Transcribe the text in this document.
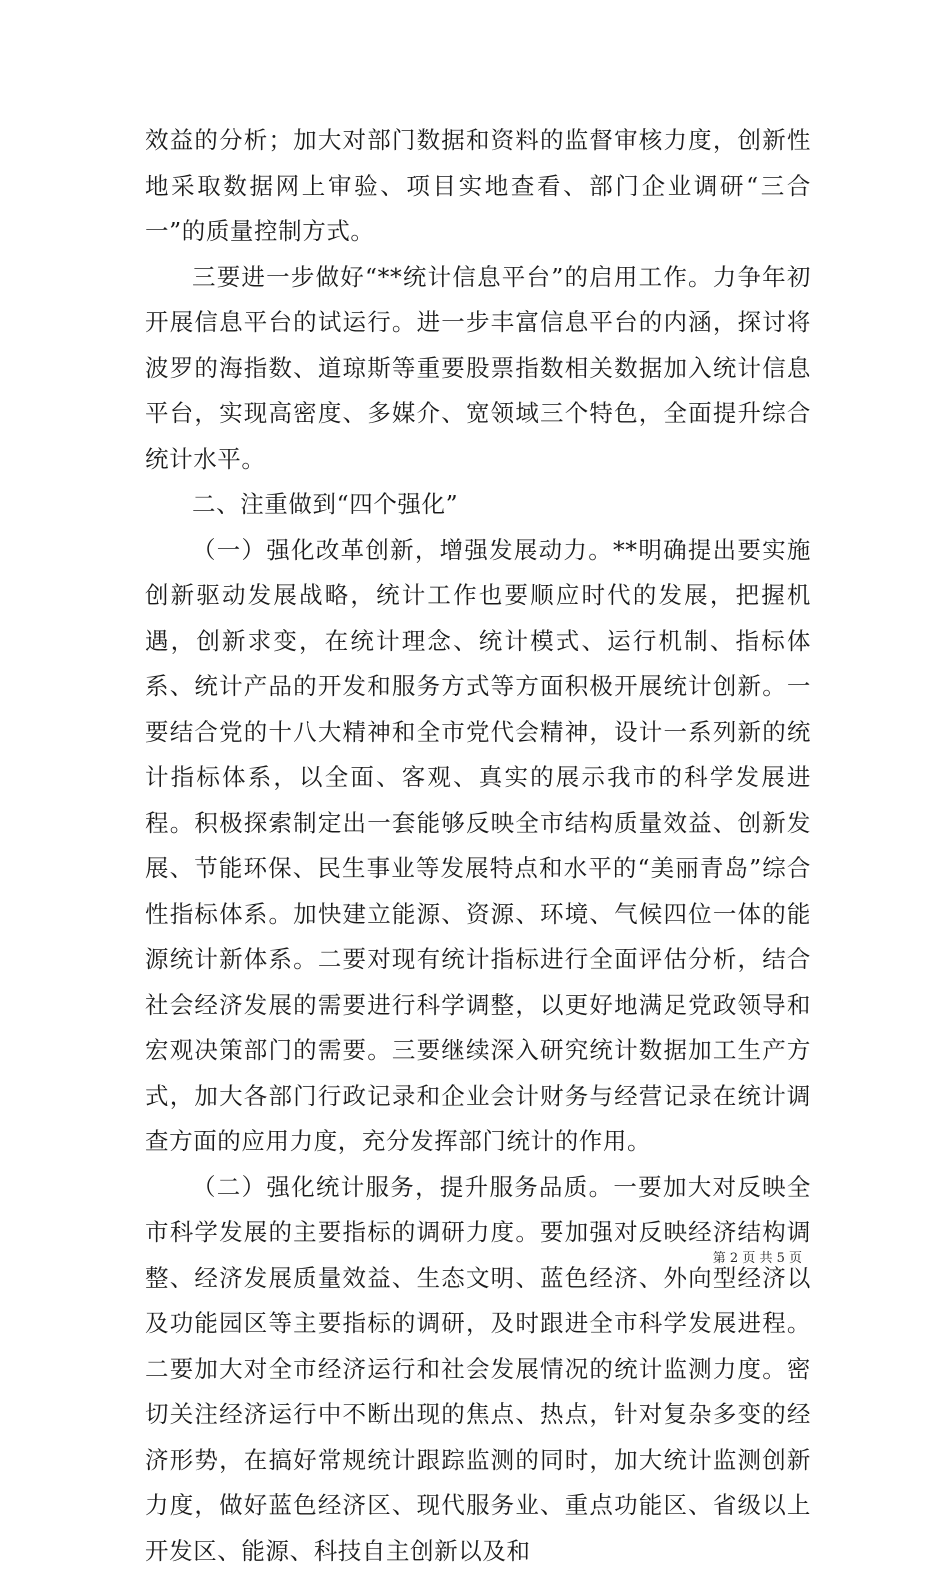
效益的分析；加大对部门数据和资料的监督审核力度，创新性地采取数据网上审验、项目实地查看、部门企业调研“三合一”的质量控制方式。

三要进一步做好“**统计信息平台”的启用工作。力争年初开展信息平台的试运行。进一步丰富信息平台的内涵，探讨将波罗的海指数、道琼斯等重要股票指数相关数据加入统计信息平台，实现高密度、多媒介、宽领域三个特色，全面提升综合统计水平。

二、注重做到“四个强化”

（一）强化改革创新，增强发展动力。**明确提出要实施创新驱动发展战略，统计工作也要顺应时代的发展，把握机遇，创新求变，在统计理念、统计模式、运行机制、指标体系、统计产品的开发和服务方式等方面积极开展统计创新。一要结合党的十八大精神和全市党代会精神，设计一系列新的统计指标体系，以全面、客观、真实的展示我市的科学发展进程。积极探索制定出一套能够反映全市结构质量效益、创新发展、节能环保、民生事业等发展特点和水平的“美丽青岛”综合性指标体系。加快建立能源、资源、环境、气候四位一体的能源统计新体系。二要对现有统计指标进行全面评估分析，结合社会经济发展的需要进行科学调整，以更好地满足党政领导和宏观决策部门的需要。三要继续深入研究统计数据加工生产方式，加大各部门行政记录和企业会计财务与经营记录在统计调查方面的应用力度，充分发挥部门统计的作用。

（二）强化统计服务，提升服务品质。一要加大对反映全市科学发展的主要指标的调研力度。要加强对反映经济结构调整、经济发展质量效益、生态文明、蓝色经济、外向型经济以及功能园区等主要指标的调研，及时跟进全市科学发展进程。二要加大对全市经济运行和社会发展情况的统计监测力度。密切关注经济运行中不断出现的焦点、热点，针对复杂多变的经济形势，在搞好常规统计跟踪监测的同时，加大统计监测创新力度，做好蓝色经济区、现代服务业、重点功能区、省级以上开发区、能源、科技自主创新以及和

第 2 页 共 5 页
